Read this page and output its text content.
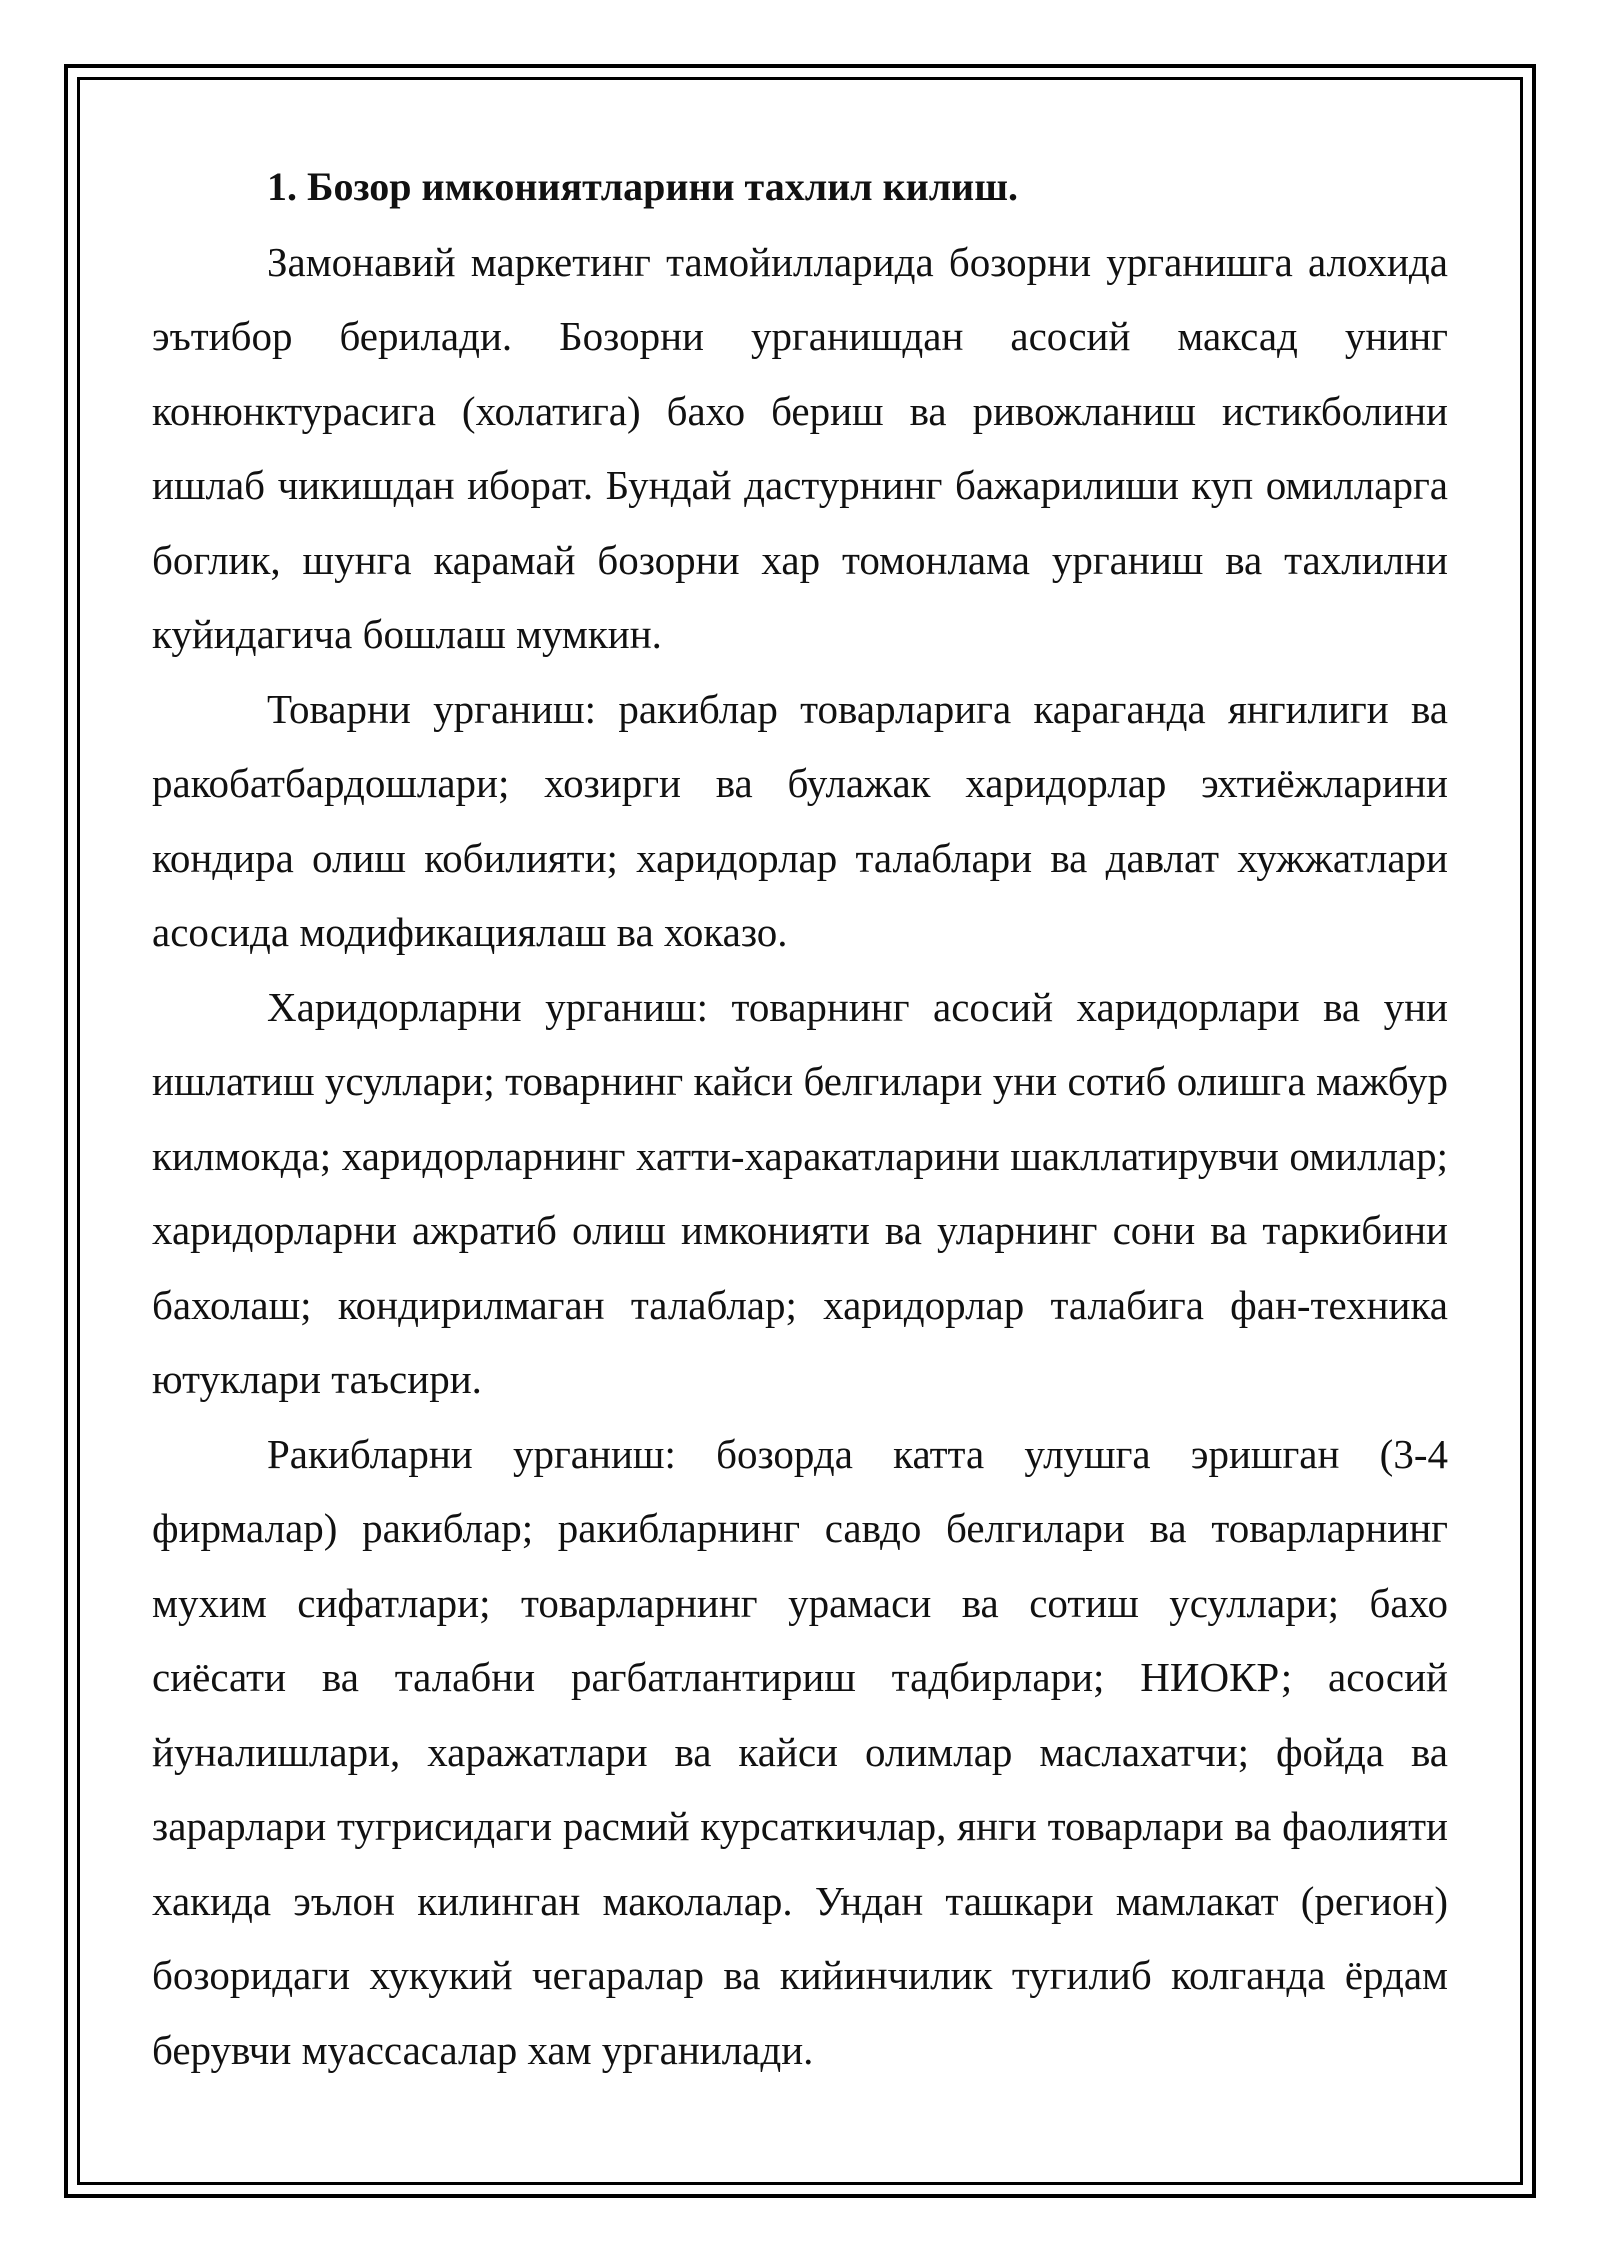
1. Бозор имкониятларини тахлил килиш.

Замонавий маркетинг тамойилларида бозорни урганишга алохида эътибор берилади. Бозорни урганишдан асосий максад унинг конюнктурасига (холатига) бахо бериш ва ривожланиш истикболини ишлаб чикишдан иборат. Бундай дастурнинг бажарилиши куп омилларга боглик, шунга карамай бозорни хар томонлама урганиш ва тахлилни куйидагича бошлаш мумкин.

Товарни урганиш: ракиблар товарларига караганда янгилиги ва ракобатбардошлари; хозирги ва булажак харидорлар эхтиёжларини кондира олиш кобилияти; харидорлар талаблари ва давлат хужжатлари асосида модификациялаш ва хоказо.

Харидорларни урганиш: товарнинг асосий харидорлари ва уни ишлатиш усуллари; товарнинг кайси белгилари уни сотиб олишга мажбур килмокда; харидорларнинг хатти-харакатларини шакллатирувчи омиллар; харидорларни ажратиб олиш имконияти ва уларнинг сони ва таркибини бахолаш; кондирилмаган талаблар; харидорлар талабига фан-техника ютуклари таъсири.

Ракибларни урганиш: бозорда катта улушга эришган (3-4 фирмалар) ракиблар; ракибларнинг савдо белгилари ва товарларнинг мухим сифатлари; товарларнинг урамаси ва сотиш усуллари; бахо сиёсати ва талабни рагбатлантириш тадбирлари; НИОКР; асосий йуналишлари, харажатлари ва кайси олимлар маслахатчи; фойда ва зарарлари тугрисидаги расмий курсаткичлар, янги товарлари ва фаолияти хакида эълон килинган маколалар. Ундан ташкари мамлакат (регион) бозоридаги хукукий чегаралар ва кийинчилик тугилиб колганда ёрдам берувчи муассасалар хам урганилади.
